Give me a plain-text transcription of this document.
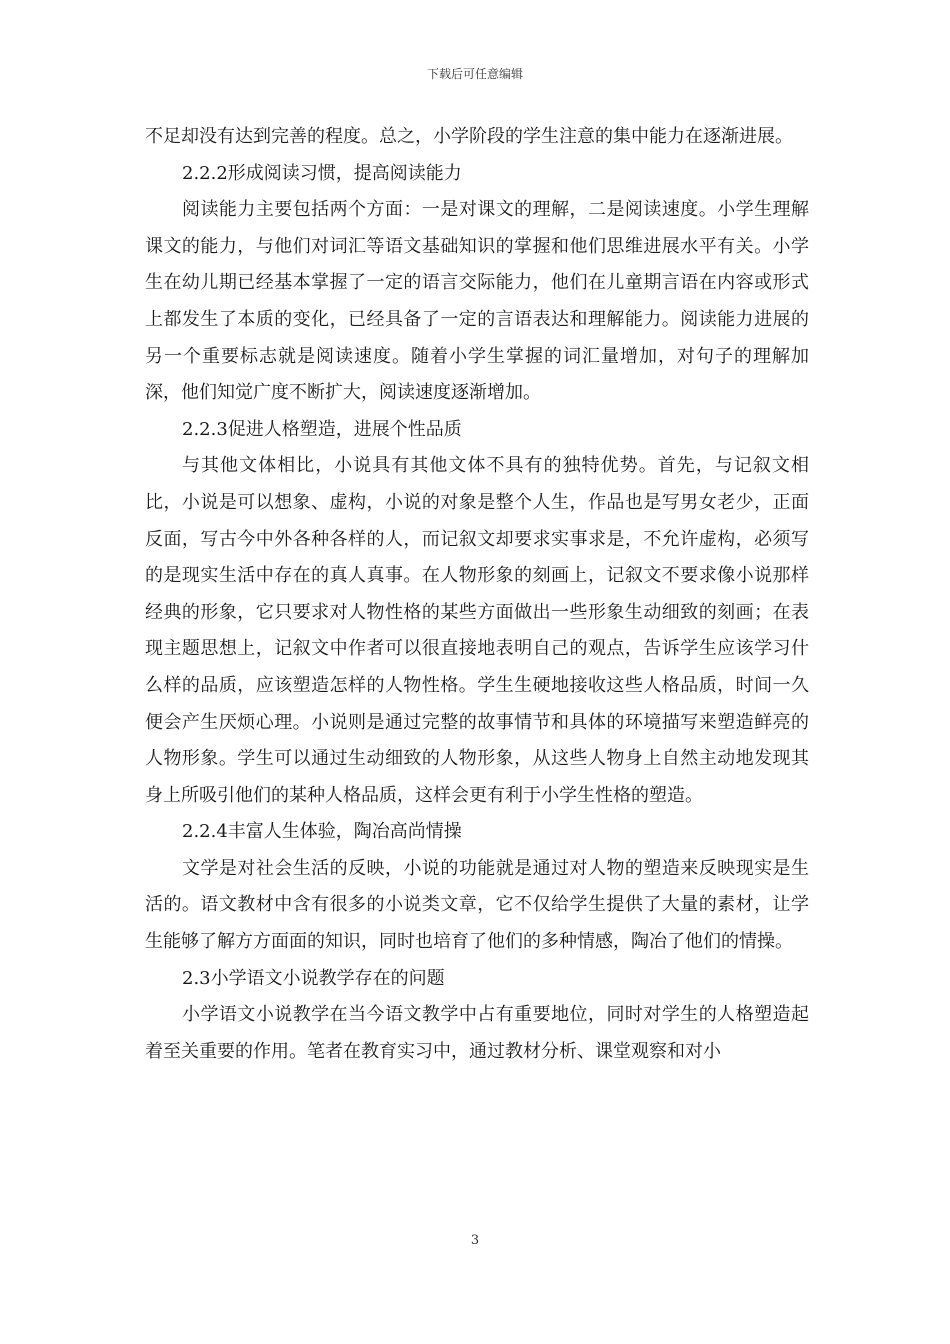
下载后可任意编辑

不足却没有达到完善的程度。总之，小学阶段的学生注意的集中能力在逐渐进展。

2.2.2形成阅读习惯，提高阅读能力

阅读能力主要包括两个方面：一是对课文的理解，二是阅读速度。小学生理解课文的能力，与他们对词汇等语文基础知识的掌握和他们思维进展水平有关。小学生在幼儿期已经基本掌握了一定的语言交际能力，他们在儿童期言语在内容或形式上都发生了本质的变化，已经具备了一定的言语表达和理解能力。阅读能力进展的另一个重要标志就是阅读速度。随着小学生掌握的词汇量增加，对句子的理解加深，他们知觉广度不断扩大，阅读速度逐渐增加。

2.2.3促进人格塑造，进展个性品质

与其他文体相比，小说具有其他文体不具有的独特优势。首先，与记叙文相比，小说是可以想象、虚构，小说的对象是整个人生，作品也是写男女老少，正面反面，写古今中外各种各样的人，而记叙文却要求实事求是，不允许虚构，必须写的是现实生活中存在的真人真事。在人物形象的刻画上，记叙文不要求像小说那样经典的形象，它只要求对人物性格的某些方面做出一些形象生动细致的刻画；在表现主题思想上，记叙文中作者可以很直接地表明自己的观点，告诉学生应该学习什么样的品质，应该塑造怎样的人物性格。学生生硬地接收这些人格品质，时间一久便会产生厌烦心理。小说则是通过完整的故事情节和具体的环境描写来塑造鲜亮的人物形象。学生可以通过生动细致的人物形象，从这些人物身上自然主动地发现其身上所吸引他们的某种人格品质，这样会更有利于小学生性格的塑造。

2.2.4丰富人生体验，陶冶高尚情操

文学是对社会生活的反映，小说的功能就是通过对人物的塑造来反映现实是生活的。语文教材中含有很多的小说类文章，它不仅给学生提供了大量的素材，让学生能够了解方方面面的知识，同时也培育了他们的多种情感，陶冶了他们的情操。

2.3小学语文小说教学存在的问题

小学语文小说教学在当今语文教学中占有重要地位，同时对学生的人格塑造起着至关重要的作用。笔者在教育实习中，通过教材分析、课堂观察和对小

3
